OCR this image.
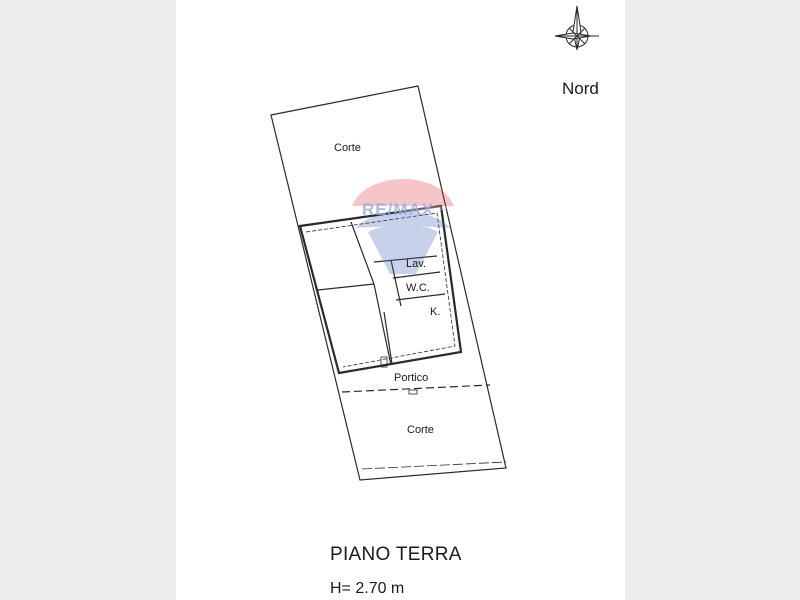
RE/MAX
Nord
Corte
Lav.
W.C.
K.
Portico
Corte
PIANO TERRA
H= 2.70 m
